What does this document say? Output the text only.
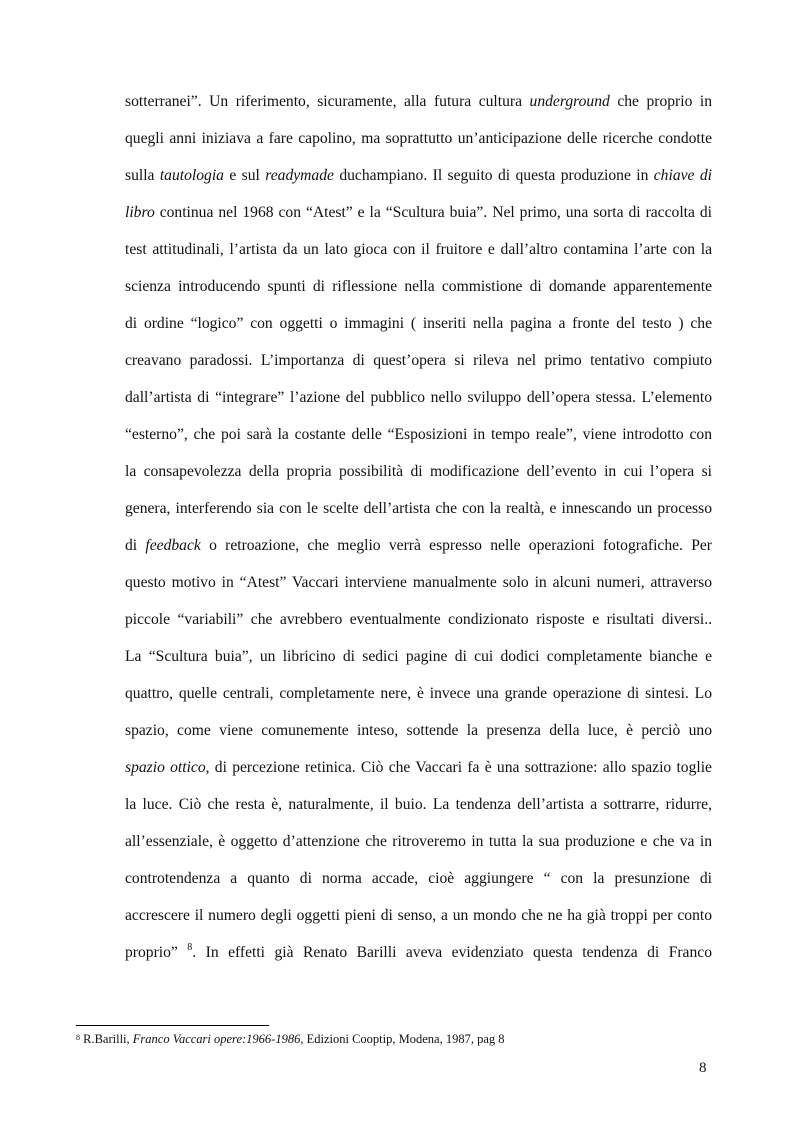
sotterranei”. Un riferimento, sicuramente, alla futura cultura underground che proprio in
quegli anni iniziava a fare capolino, ma soprattutto un’anticipazione delle ricerche condotte
sulla tautologia e sul readymade duchampiano. Il seguito di questa produzione in chiave di
libro continua nel 1968 con “Atest” e la “Scultura buia”. Nel primo, una sorta di raccolta di
test attitudinali, l’artista da un lato gioca con il fruitore e dall’altro contamina l’arte con la
scienza introducendo spunti di riflessione nella commistione di domande apparentemente
di ordine “logico” con oggetti o immagini ( inseriti nella pagina a fronte del testo ) che
creavano paradossi. L’importanza di quest’opera si rileva nel primo tentativo compiuto
dall’artista di “integrare” l’azione del pubblico nello sviluppo dell’opera stessa. L’elemento
“esterno”, che poi sarà la costante delle “Esposizioni in tempo reale”, viene introdotto con
la consapevolezza della propria possibilità di modificazione dell’evento in cui l’opera si
genera, interferendo sia con le scelte dell’artista che con la realtà, e innescando un processo
di feedback o retroazione, che meglio verrà espresso nelle operazioni fotografiche. Per
questo motivo in “Atest” Vaccari interviene manualmente solo in alcuni numeri, attraverso
piccole “variabili” che avrebbero eventualmente condizionato risposte e risultati diversi..
La “Scultura buia”, un libricino di sedici pagine di cui dodici completamente bianche e
quattro, quelle centrali, completamente nere, è invece una grande operazione di sintesi. Lo
spazio, come viene comunemente inteso, sottende la presenza della luce, è perciò uno
spazio ottico, di percezione retinica. Ciò che Vaccari fa è una sottrazione: allo spazio toglie
la luce. Ciò che resta è, naturalmente, il buio. La tendenza dell’artista a sottrarre, ridurre,
all’essenziale, è oggetto d’attenzione che ritroveremo in tutta la sua produzione e che va in
controtendenza a quanto di norma accade, cioè aggiungere “ con la presunzione di
accrescere il numero degli oggetti pieni di senso, a un mondo che ne ha già troppi per conto
proprio” $^8$. In effetti già Renato Barilli aveva evidenziato questa tendenza di Franco
$^8$ R.Barilli, Franco Vaccari opere:1966-1986, Edizioni Cooptip, Modena, 1987, pag 8
8
